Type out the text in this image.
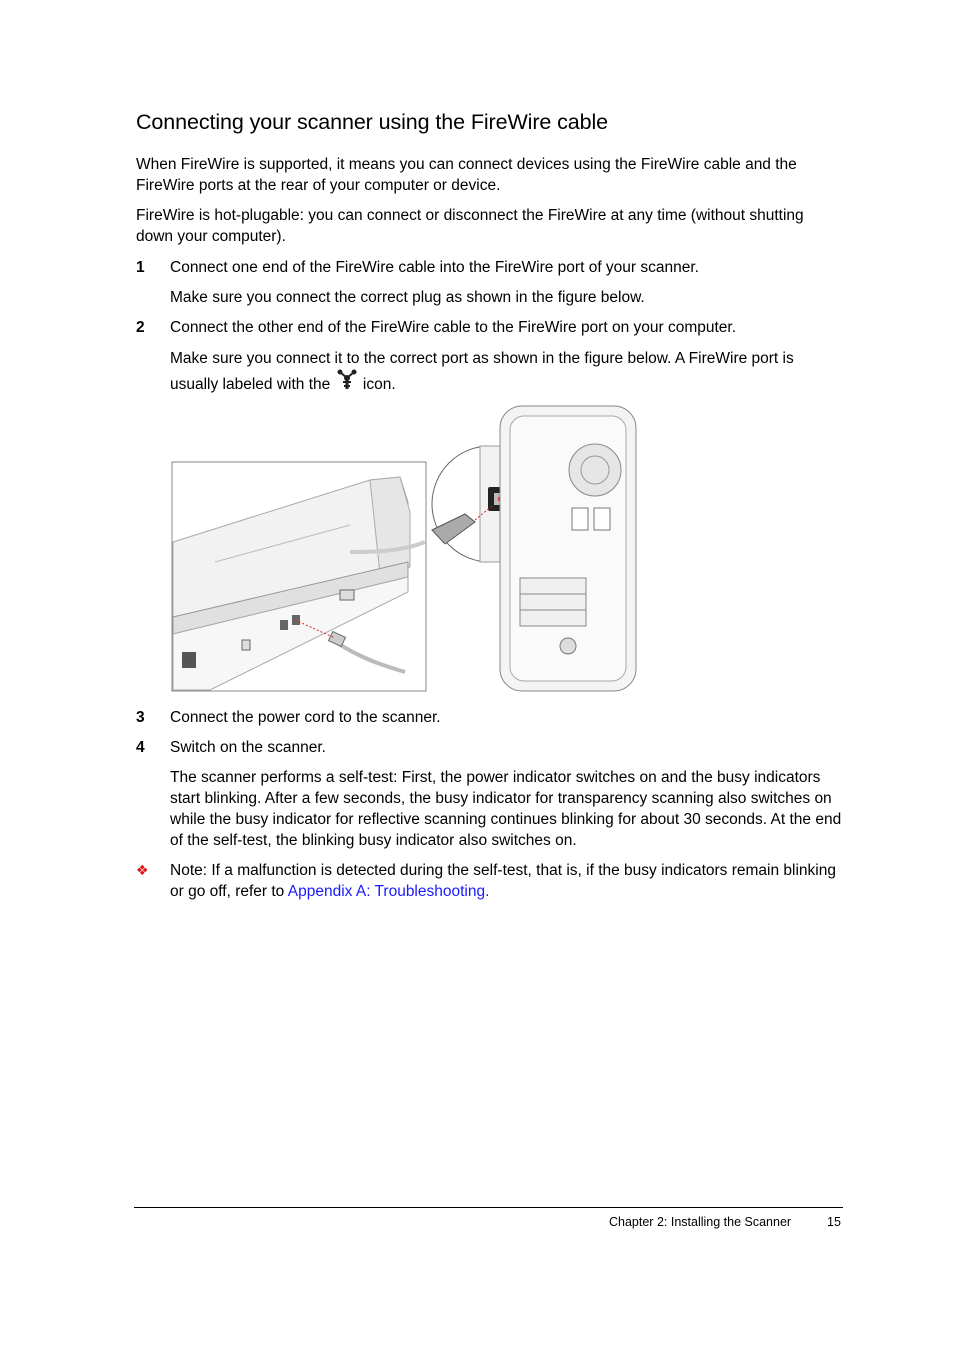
Connecting your scanner using the FireWire cable

When FireWire is supported, it means you can connect devices using the FireWire cable and the FireWire ports at the rear of your computer or device.

FireWire is hot-plugable: you can connect or disconnect the FireWire at any time (without shutting down your computer).

1 Connect one end of the FireWire cable into the FireWire port of your scanner.

Make sure you connect the correct plug as shown in the figure below.

2 Connect the other end of the FireWire cable to the FireWire port on your computer.

Make sure you connect it to the correct port as shown in the figure below. A FireWire port is usually labeled with the icon.

3 Connect the power cord to the scanner.

4 Switch on the scanner.

The scanner performs a self-test: First, the power indicator switches on and the busy indicators start blinking. After a few seconds, the busy indicator for transparency scanning also switches on while the busy indicator for reflective scanning continues blinking for about 30 seconds. At the end of the self-test, the blinking busy indicator also switches on.

❖ Note: If a malfunction is detected during the self-test, that is, if the busy indicators remain blinking or go off, refer to Appendix A: Troubleshooting.

Chapter 2: Installing the Scanner	15
